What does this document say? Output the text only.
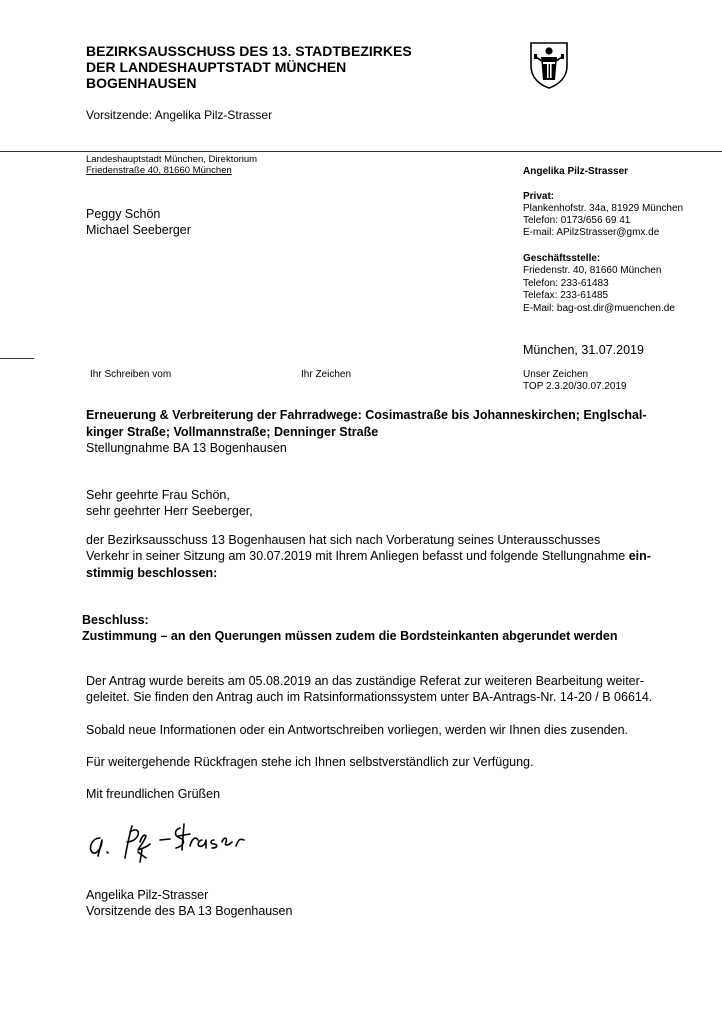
BEZIRKSAUSSCHUSS DES 13. STADTBEZIRKES
DER LANDESHAUPTSTADT MÜNCHEN
BOGENHAUSEN
Vorsitzende: Angelika Pilz-Strasser
Landeshauptstadt München, Direktorium
Friedenstraße 40, 81660 München
Peggy Schön
Michael Seeberger
Angelika Pilz-Strasser
Privat:
Plankenhofstr. 34a, 81929 München
Telefon: 0173/656 69 41
E-mail: APilzStrasser@gmx.de
Geschäftsstelle:
Friedenstr. 40, 81660 München
Telefon: 233-61483
Telefax: 233-61485
E-Mail: bag-ost.dir@muenchen.de
München, 31.07.2019
Ihr Schreiben vom	Ihr Zeichen	Unser Zeichen
TOP 2.3.20/30.07.2019
Erneuerung & Verbreiterung der Fahrradwege: Cosimastraße bis Johanneskirchen; Englschal-
kinger Straße; Vollmannstraße; Denninger Straße
Stellungnahme BA 13 Bogenhausen
Sehr geehrte Frau Schön,
sehr geehrter Herr Seeberger,
der Bezirksausschuss 13 Bogenhausen hat sich nach Vorberatung seines Unterausschusses
Verkehr in seiner Sitzung am 30.07.2019 mit Ihrem Anliegen befasst und folgende Stellungnahme ein-
stimmig beschlossen:
Beschluss:
Zustimmung – an den Querungen müssen zudem die Bordsteinkanten abgerundet werden
Der Antrag wurde bereits am 05.08.2019 an das zuständige Referat zur weiteren Bearbeitung weiter-
geleitet. Sie finden den Antrag auch im Ratsinformationssystem unter BA-Antrags-Nr. 14-20 / B 06614.
Sobald neue Informationen oder ein Antwortschreiben vorliegen, werden wir Ihnen dies zusenden.
Für weitergehende Rückfragen stehe ich Ihnen selbstverständlich zur Verfügung.
Mit freundlichen Grüßen
Angelika Pilz-Strasser
Vorsitzende des BA 13 Bogenhausen
